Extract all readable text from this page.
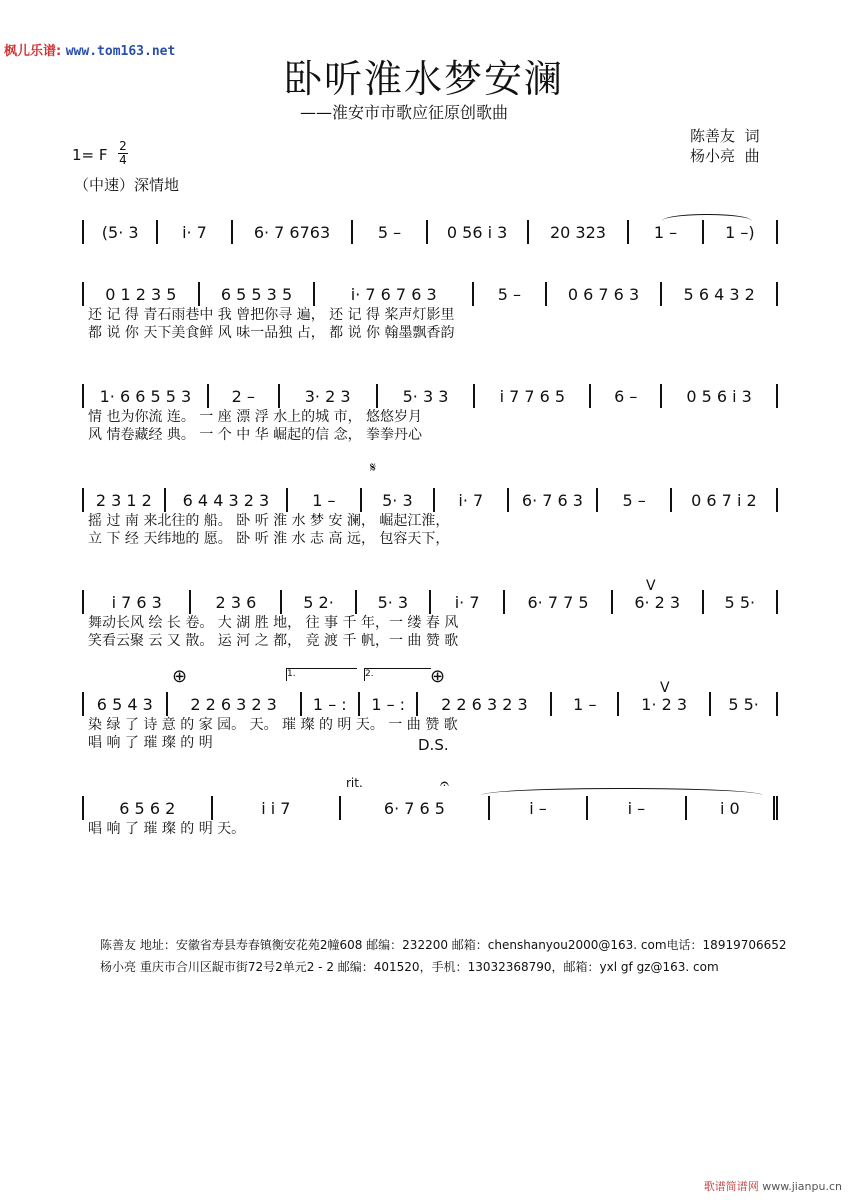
枫儿乐谱: www.tom163.net
卧听淮水梦安澜
——淮安市市歌应征原创歌曲
陈善友 词
杨小亮 曲
1= F 2
4
（中速）深情地
(5· 3	i· 7	6· 7 6763	5 –	0 56 i 3	20 323	1 –	1 –)
0 1 2 3 5	6 5 5 3 5	i· 7 6 7 6 3	5 –	0 6 7 6 3	5 6 4 3 2
还 记 得 青石雨巷中 我 曾把你寻 遍， 还 记 得 桨声灯影里
都 说 你 天下美食鲜 风 味一品独 占， 都 说 你 翰墨飘香韵
1· 6 6 5 5 3	2 –	3· 2 3	5· 3 3	i 7 7 6 5	6 –	0 5 6 i 3
情 也为你流 连。 一 座 漂 浮 水上的城 市， 悠悠岁月
风 情卷藏经 典。 一 个 中 华 崛起的信 念， 拳拳丹心
𝄋
2 3 1 2	6 4 4 3 2 3	1 –	5· 3	i· 7	6· 7 6 3	5 –	0 6 7 i 2
摇 过 南 来北往的 船。 卧 听 淮 水 梦 安 澜， 崛起江淮，
立 下 经 天纬地的 愿。 卧 听 淮 水 志 高 远， 包容天下，
V
i 7 6 3	2 3 6	5 2·	5· 3	i· 7	6· 7 7 5	6· 2 3	5 5·
舞动长风 绘 长 卷。 大 湖 胜 地， 往 事 千 年，一 缕 春 风
笑看云聚 云 又 散。 运 河 之 都， 竞 渡 千 帆，一 曲 赞 歌
⊕	⊕
1.	2.
V
6 5 4 3	2 2 6 3 2 3	1 – :	1 – :	2 2 6 3 2 3	1 –	1· 2 3	5 5·
染 绿 了 诗 意 的 家 园。 天。 璀 璨 的 明 天。 一 曲 赞 歌
唱 响 了 璀 璨 的 明	D.S.
rit.	𝄐
6 5 6 2	i i 7	6· 7 6 5	i –	i –	i 0
唱 响 了 璀 璨 的 明 天。
陈善友 地址：安徽省寿县寿春镇衡安花苑2幢608 邮编：232200 邮箱：chenshanyou2000@163. com电话：18919706652
杨小亮 重庆市合川区龊市街72号2单元2 - 2 邮编：401520，手机：13032368790，邮箱：yxl gf gz@163. com
歌谱简谱网 www.jianpu.cn
